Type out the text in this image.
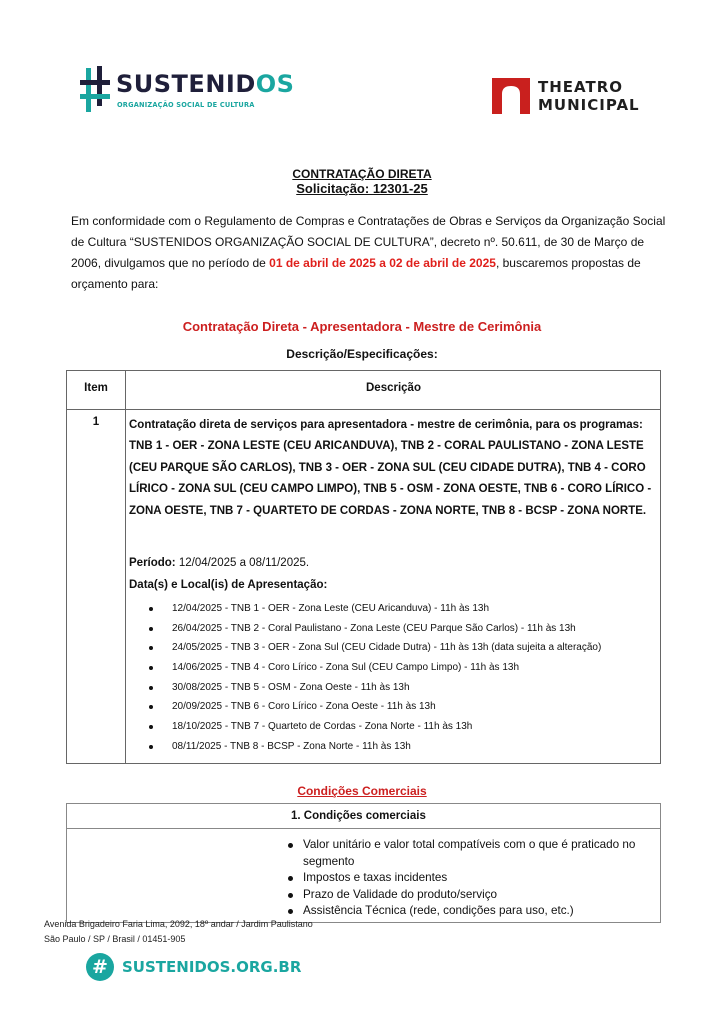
SUSTENIDOS
ORGANIZAÇÃO SOCIAL DE CULTURA
THEATRO
MUNICIPAL
CONTRATAÇÃO DIRETA
Solicitação: 12301-25
Em conformidade com o Regulamento de Compras e Contratações de Obras e Serviços da Organização Social de Cultura “SUSTENIDOS ORGANIZAÇÃO SOCIAL DE CULTURA”, decreto nº. 50.611, de 30 de Março de 2006, divulgamos que no período de 01 de abril de 2025 a 02 de abril de 2025, buscaremos propostas de orçamento para:
Contratação Direta - Apresentadora - Mestre de Cerimônia
Descrição/Especificações:
Item	Descrição
1	Contratação direta de serviços para apresentadora - mestre de cerimônia, para os programas: TNB 1 - OER - ZONA LESTE (CEU ARICANDUVA), TNB 2 - CORAL PAULISTANO - ZONA LESTE (CEU PARQUE SÃO CARLOS), TNB 3 - OER - ZONA SUL (CEU CIDADE DUTRA), TNB 4 - CORO LÍRICO - ZONA SUL (CEU CAMPO LIMPO), TNB 5 - OSM - ZONA OESTE, TNB 6 - CORO LÍRICO - ZONA OESTE, TNB 7 - QUARTETO DE CORDAS - ZONA NORTE, TNB 8 - BCSP - ZONA NORTE.
Período: 12/04/2025 a 08/11/2025.
Data(s) e Local(is) de Apresentação:
12/04/2025 - TNB 1 - OER - Zona Leste (CEU Aricanduva) - 11h às 13h
26/04/2025 - TNB 2 - Coral Paulistano - Zona Leste (CEU Parque São Carlos) - 11h às 13h
24/05/2025 - TNB 3 - OER - Zona Sul (CEU Cidade Dutra) - 11h às 13h (data sujeita a alteração)
14/06/2025 - TNB 4 - Coro Lírico - Zona Sul (CEU Campo Limpo) - 11h às 13h
30/08/2025 - TNB 5 - OSM - Zona Oeste - 11h às 13h
20/09/2025 - TNB 6 - Coro Lírico - Zona Oeste - 11h às 13h
18/10/2025 - TNB 7 - Quarteto de Cordas - Zona Norte - 11h às 13h
08/11/2025 - TNB 8 - BCSP - Zona Norte - 11h às 13h
Condições Comerciais
1. Condições comerciais
Valor unitário e valor total compatíveis com o que é praticado no segmento
Impostos e taxas incidentes
Prazo de Validade do produto/serviço
Assistência Técnica (rede, condições para uso, etc.)
Avenida Brigadeiro Faria Lima, 2092, 18º andar / Jardim Paulistano
São Paulo / SP / Brasil / 01451-905
# SUSTENIDOS.ORG.BR
